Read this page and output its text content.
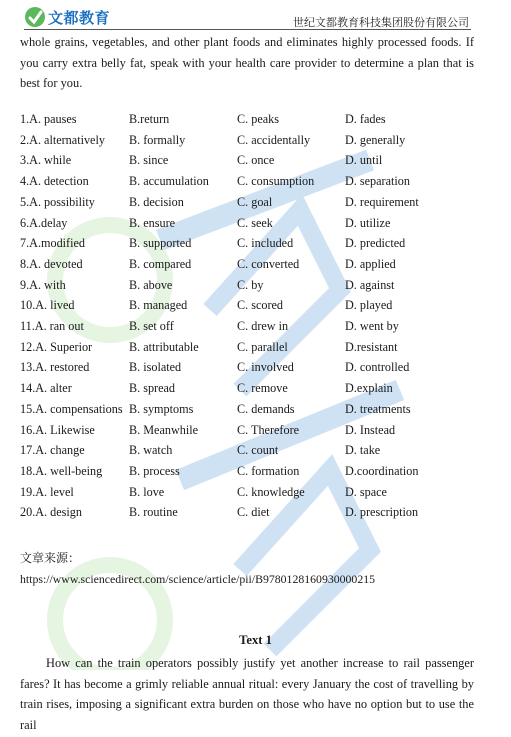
文都教育	世纪文都教育科技集团股份有限公司
whole grains, vegetables, and other plant foods and eliminates highly processed foods. If you carry extra belly fat, speak with your health care provider to determine a plan that is best for you.
1.A. pauses	B.return	C. peaks	D. fades
2.A. alternatively B. formally	C. accidentally	D. generally
3.A. while	B. since	C. once	D. until
4.A. detection	B. accumulation C. consumption	D. separation
5.A. possibility	B. decision	C. goal	D. requirement
6.A.delay	B. ensure	C. seek	D. utilize
7.A.modified	B. supported	C. included	D. predicted
8.A. devoted	B. compared	C. converted	D. applied
9.A. with	B. above	C. by	D. against
10.A. lived	B. managed	C. scored	D. played
11.A. ran out	B. set off	C. drew in	D. went by
12.A. Superior	B. attributable	C. parallel	D.resistant
13.A. restored	B. isolated	C. involved	D. controlled
14.A. alter	B. spread	C. remove	D.explain
15.A. compensations B. symptoms	C. demands	D. treatments
16.A. Likewise	B. Meanwhile	C. Therefore	D. Instead
17.A. change	B. watch	C. count	D. take
18.A. well-being B. process	C. formation	D.coordination
19.A. level	B. love	C. knowledge	D. space
20.A. design	B. routine	C. diet	D. prescription
文章来源：
https://www.sciencedirect.com/science/article/pii/B9780128160930000215
Text 1
How can the train operators possibly justify yet another increase to rail passenger fares? It has become a grimly reliable annual ritual: every January the cost of travelling by train rises, imposing a significant extra burden on those who have no option but to use the rail
